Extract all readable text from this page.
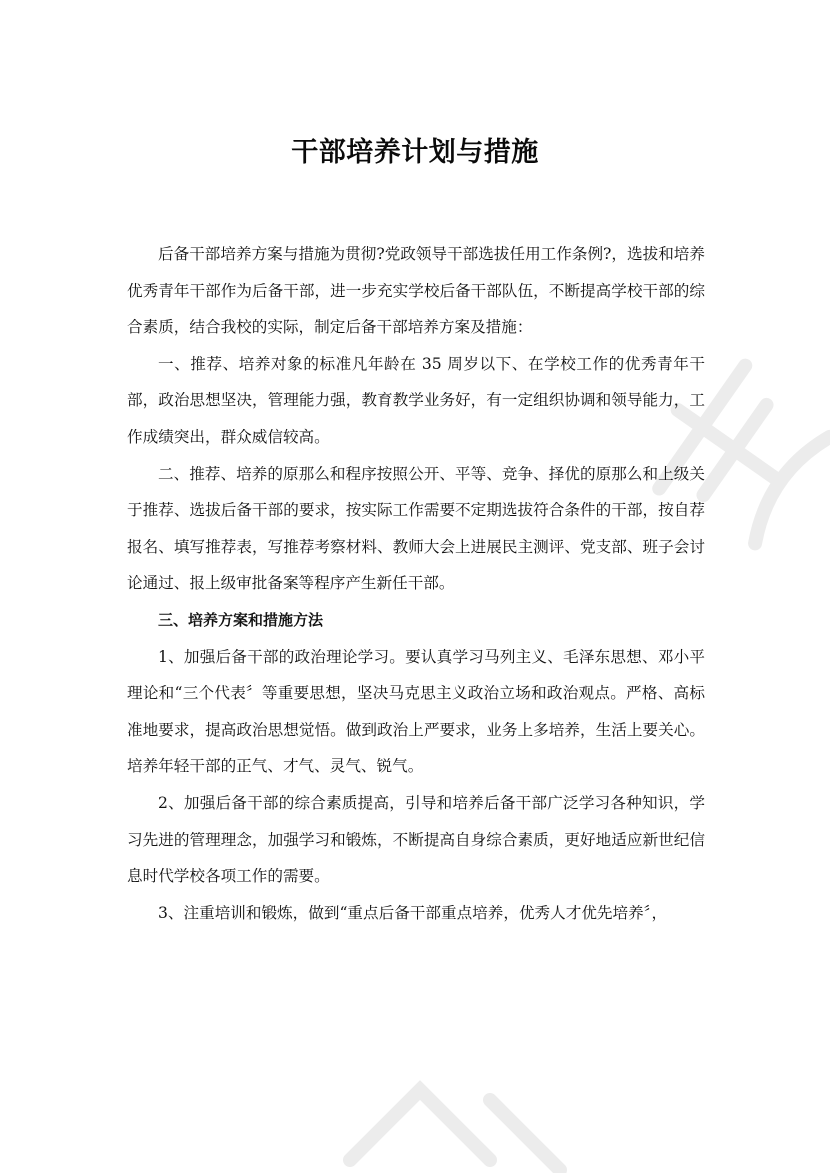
干部培养计划与措施

后备干部培养方案与措施为贯彻?党政领导干部选拔任用工作条例?，选拔和培养优秀青年干部作为后备干部，进一步充实学校后备干部队伍，不断提高学校干部的综合素质，结合我校的实际，制定后备干部培养方案及措施：

一、推荐、培养对象的标准凡年龄在 35 周岁以下、在学校工作的优秀青年干部，政治思想坚决，管理能力强，教育教学业务好，有一定组织协调和领导能力，工作成绩突出，群众威信较高。

二、推荐、培养的原那么和程序按照公开、平等、竞争、择优的原那么和上级关于推荐、选拔后备干部的要求，按实际工作需要不定期选拔符合条件的干部，按自荐报名、填写推荐表，写推荐考察材料、教师大会上进展民主测评、党支部、班子会讨论通过、报上级审批备案等程序产生新任干部。

三、培养方案和措施方法

1、加强后备干部的政治理论学习。要认真学习马列主义、毛泽东思想、邓小平理论和“三个代表〞等重要思想，坚决马克思主义政治立场和政治观点。严格、高标准地要求，提高政治思想觉悟。做到政治上严要求，业务上多培养，生活上要关心。培养年轻干部的正气、才气、灵气、锐气。

2、加强后备干部的综合素质提高，引导和培养后备干部广泛学习各种知识，学习先进的管理理念，加强学习和锻炼，不断提高自身综合素质，更好地适应新世纪信息时代学校各项工作的需要。

3、注重培训和锻炼，做到“重点后备干部重点培养，优秀人才优先培养〞，
